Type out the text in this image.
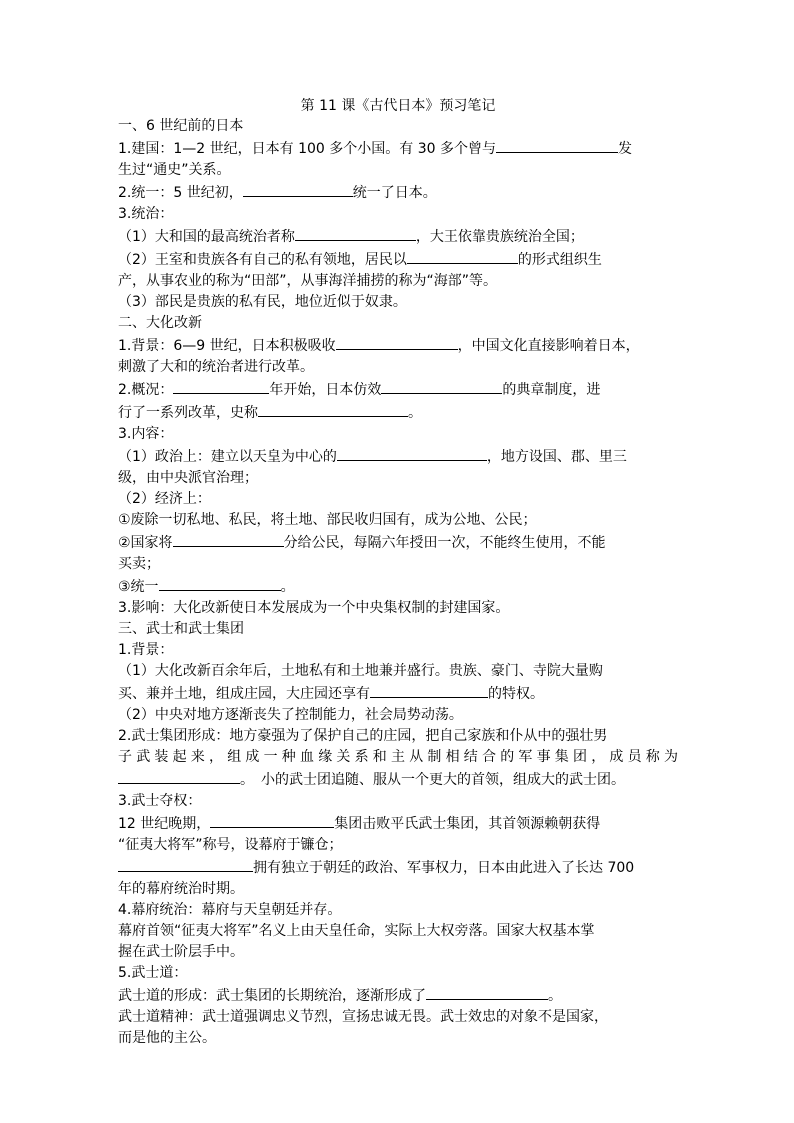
第 11 课《古代日本》预习笔记
一、6 世纪前的日本
1.建国：1—2 世纪，日本有 100 多个小国。有 30 多个曾与	发
生过“通史”关系。
2.统一：5 世纪初，	统一了日本。
3.统治：
（1）大和国的最高统治者称	，大王依靠贵族统治全国；
（2）王室和贵族各有自己的私有领地，居民以	的形式组织生
产，从事农业的称为“田部”，从事海洋捕捞的称为“海部”等。
（3）部民是贵族的私有民，地位近似于奴隶。
二、大化改新
1.背景：6—9 世纪，日本积极吸收	，中国文化直接影响着日本，
刺激了大和的统治者进行改革。
2.概况：	年开始，日本仿效	的典章制度，进
行了一系列改革，史称	。
3.内容：
（1）政治上：建立以天皇为中心的	，地方设国、郡、里三
级，由中央派官治理；
（2）经济上：
①废除一切私地、私民，将土地、部民收归国有，成为公地、公民；
②国家将	分给公民，每隔六年授田一次，不能终生使用，不能
买卖；
③统一	。
3.影响：大化改新使日本发展成为一个中央集权制的封建国家。
三、武士和武士集团
1.背景：
（1）大化改新百余年后，土地私有和土地兼并盛行。贵族、豪门、寺院大量购
买、兼并土地，组成庄园，大庄园还享有	的特权。
（2）中央对地方逐渐丧失了控制能力，社会局势动荡。
2.武士集团形成：地方豪强为了保护自己的庄园，把自己家族和仆从中的强壮男
子武装起来，组成一种血缘关系和主从制相结合的军事集团，成员称为
。　小的武士团追随、服从一个更大的首领，组成大的武士团。
3.武士夺权：
12 世纪晚期，	集团击败平氏武士集团，其首领源赖朝获得
“征夷大将军”称号，设幕府于镰仓；
拥有独立于朝廷的政治、军事权力，日本由此进入了长达 700
年的幕府统治时期。
4.幕府统治：幕府与天皇朝廷并存。
幕府首领“征夷大将军”名义上由天皇任命，实际上大权旁落。国家大权基本掌
握在武士阶层手中。
5.武士道：
武士道的形成：武士集团的长期统治，逐渐形成了	。
武士道精神：武士道强调忠义节烈，宣扬忠诚无畏。武士效忠的对象不是国家，
而是他的主公。
